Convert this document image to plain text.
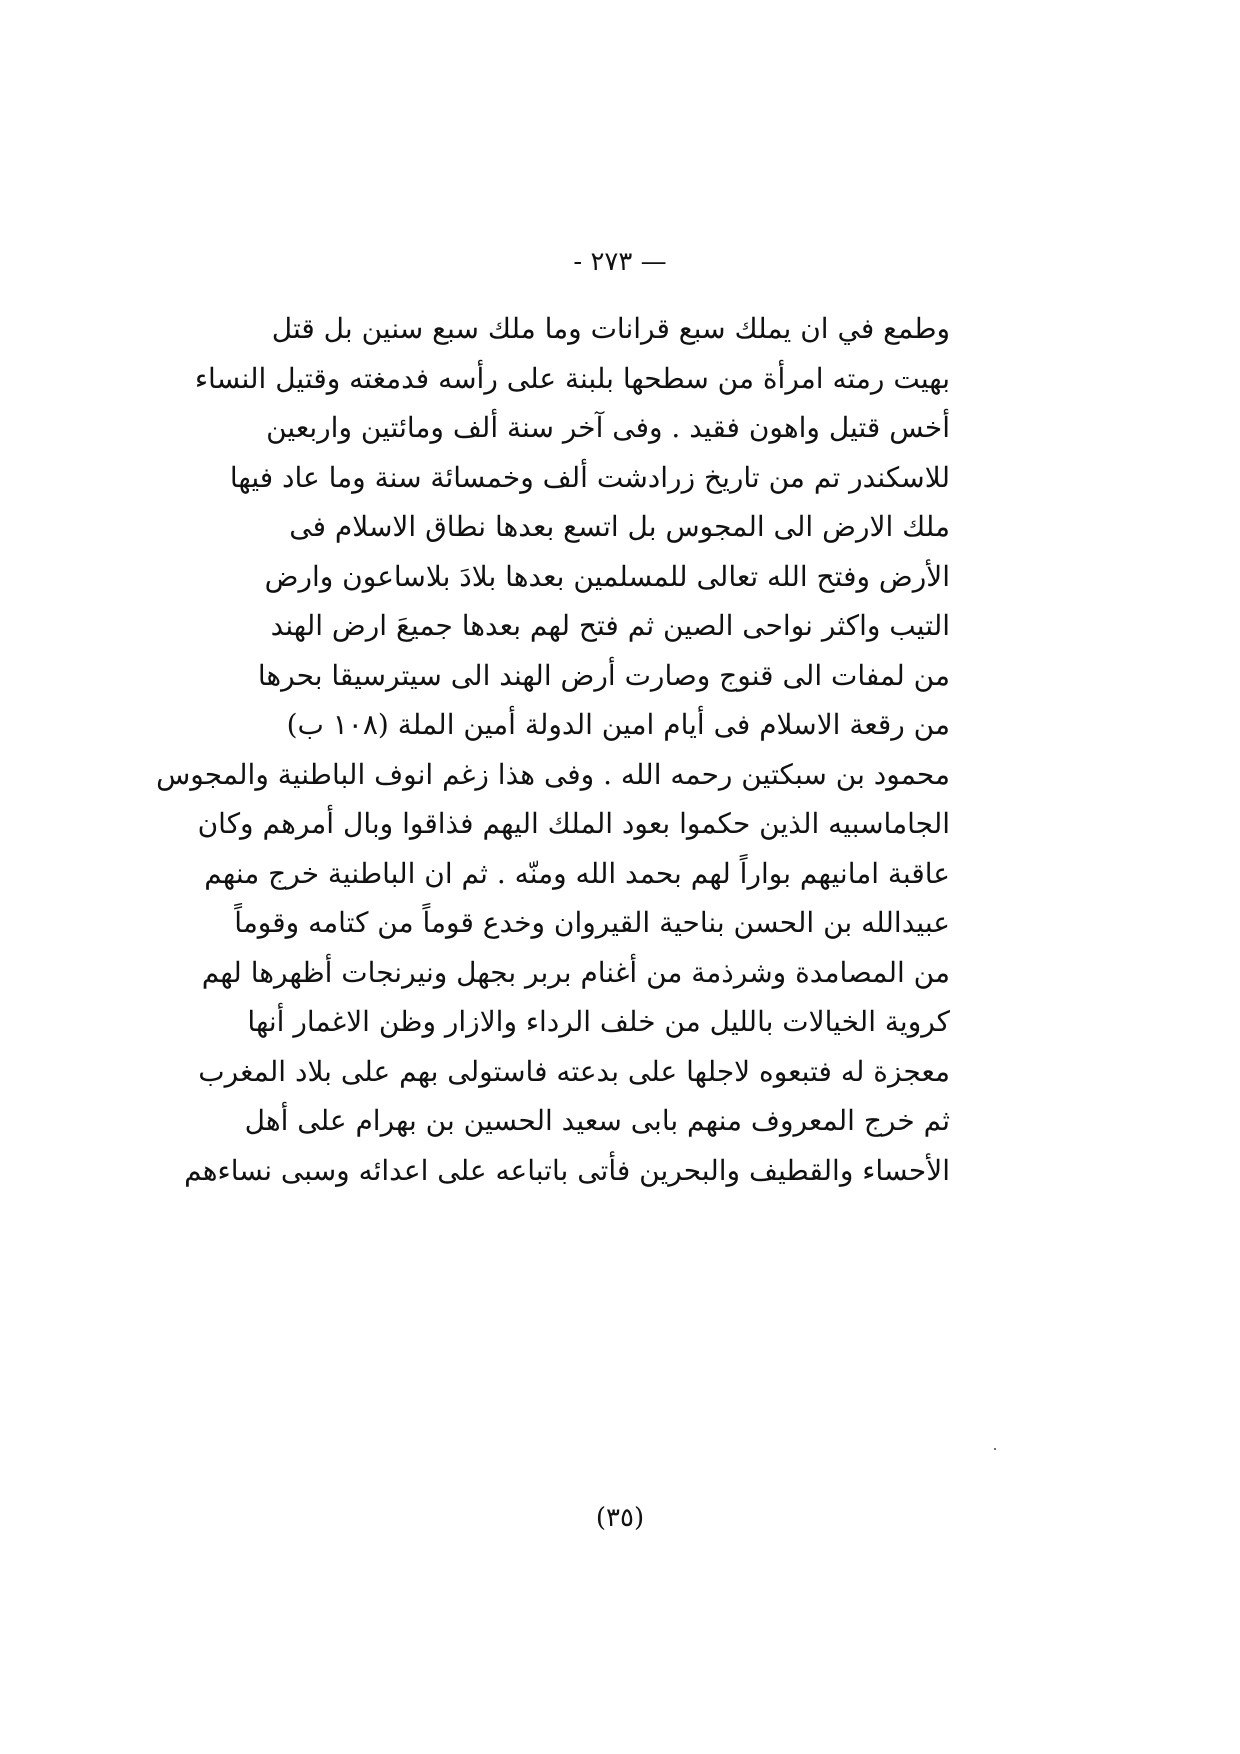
— ٢٧٣ -
وطمع في ان يملك سبع قرانات وما ملك سبع سنين بل قتل
بهيت رمته امرأة من سطحها بلبنة على رأسه فدمغته وقتيل النساء
أخس قتيل واهون فقيد . وفى آخر سنة ألف ومائتين واربعين
للاسكندر تم من تاريخ زرادشت ألف وخمسائة سنة وما عاد فيها
ملك الارض الى المجوس بل اتسع بعدها نطاق الاسلام فى
الأرض وفتح الله تعالى للمسلمين بعدها بلادَ بلاساعون وارض
التيب واكثر نواحى الصين ثم فتح لهم بعدها جميعَ ارض الهند
من لمفات الى قنوج وصارت أرض الهند الى سيترسيقا بحرها
من رقعة الاسلام فى أيام امين الدولة أمين الملة (١٠٨ ب)
محمود بن سبكتين رحمه الله . وفى هذا زغم انوف الباطنية والمجوس
الجاماسبيه الذين حكموا بعود الملك اليهم فذاقوا وبال أمرهم وكان
عاقبة امانيهم بواراً لهم بحمد الله ومنّه . ثم ان الباطنية خرج منهم
عبيدالله بن الحسن بناحية القيروان وخدع قوماً من كتامه وقوماً
من المصامدة وشرذمة من أغنام بربر بجهل ونيرنجات أظهرها لهم
كروية الخيالات بالليل من خلف الرداء والازار وظن الاغمار أنها
معجزة له فتبعوه لاجلها على بدعته فاستولى بهم على بلاد المغرب
ثم خرج المعروف منهم بابى سعيد الحسين بن بهرام على أهل
الأحساء والقطيف والبحرين فأتى باتباعه على اعدائه وسبى نساءهم
(٣٥)
